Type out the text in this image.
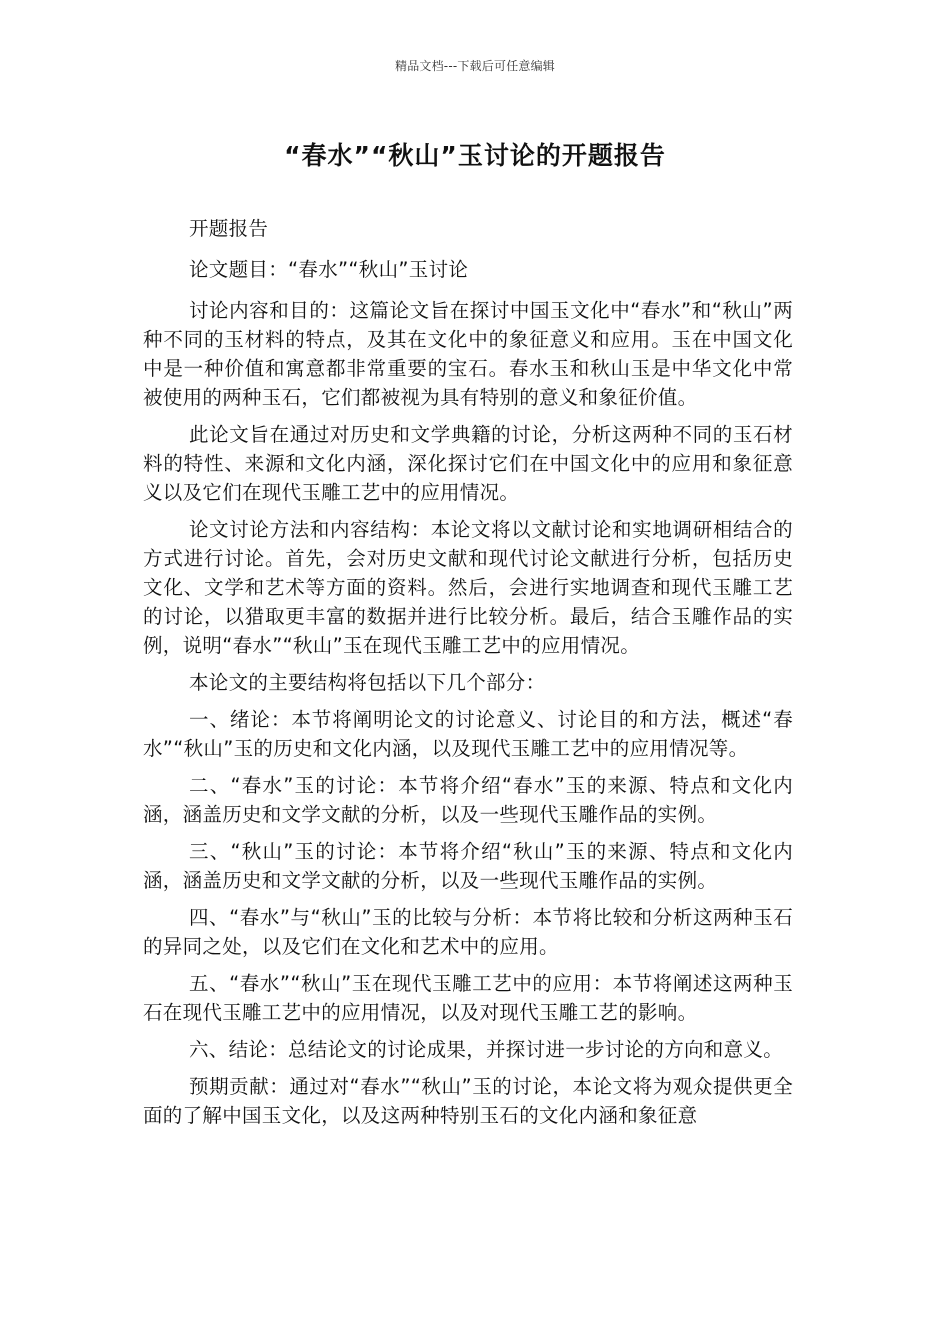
精品文档---下载后可任意编辑
“春水”“秋山”玉讨论的开题报告

开题报告

论文题目：“春水”“秋山”玉讨论

讨论内容和目的：这篇论文旨在探讨中国玉文化中“春水”和“秋山”两种不同的玉材料的特点，及其在文化中的象征意义和应用。玉在中国文化中是一种价值和寓意都非常重要的宝石。春水玉和秋山玉是中华文化中常被使用的两种玉石，它们都被视为具有特别的意义和象征价值。

此论文旨在通过对历史和文学典籍的讨论，分析这两种不同的玉石材料的特性、来源和文化内涵，深化探讨它们在中国文化中的应用和象征意义以及它们在现代玉雕工艺中的应用情况。

论文讨论方法和内容结构：本论文将以文献讨论和实地调研相结合的方式进行讨论。首先，会对历史文献和现代讨论文献进行分析，包括历史文化、文学和艺术等方面的资料。然后，会进行实地调查和现代玉雕工艺的讨论，以猎取更丰富的数据并进行比较分析。最后，结合玉雕作品的实例，说明“春水”“秋山”玉在现代玉雕工艺中的应用情况。

本论文的主要结构将包括以下几个部分：

一、绪论：本节将阐明论文的讨论意义、讨论目的和方法，概述“春水”“秋山”玉的历史和文化内涵，以及现代玉雕工艺中的应用情况等。

二、“春水”玉的讨论：本节将介绍“春水”玉的来源、特点和文化内涵，涵盖历史和文学文献的分析，以及一些现代玉雕作品的实例。

三、“秋山”玉的讨论：本节将介绍“秋山”玉的来源、特点和文化内涵，涵盖历史和文学文献的分析，以及一些现代玉雕作品的实例。

四、“春水”与“秋山”玉的比较与分析：本节将比较和分析这两种玉石的异同之处，以及它们在文化和艺术中的应用。

五、“春水”“秋山”玉在现代玉雕工艺中的应用：本节将阐述这两种玉石在现代玉雕工艺中的应用情况，以及对现代玉雕工艺的影响。

六、结论：总结论文的讨论成果，并探讨进一步讨论的方向和意义。

预期贡献：通过对“春水”“秋山”玉的讨论，本论文将为观众提供更全面的了解中国玉文化，以及这两种特别玉石的文化内涵和象征意
